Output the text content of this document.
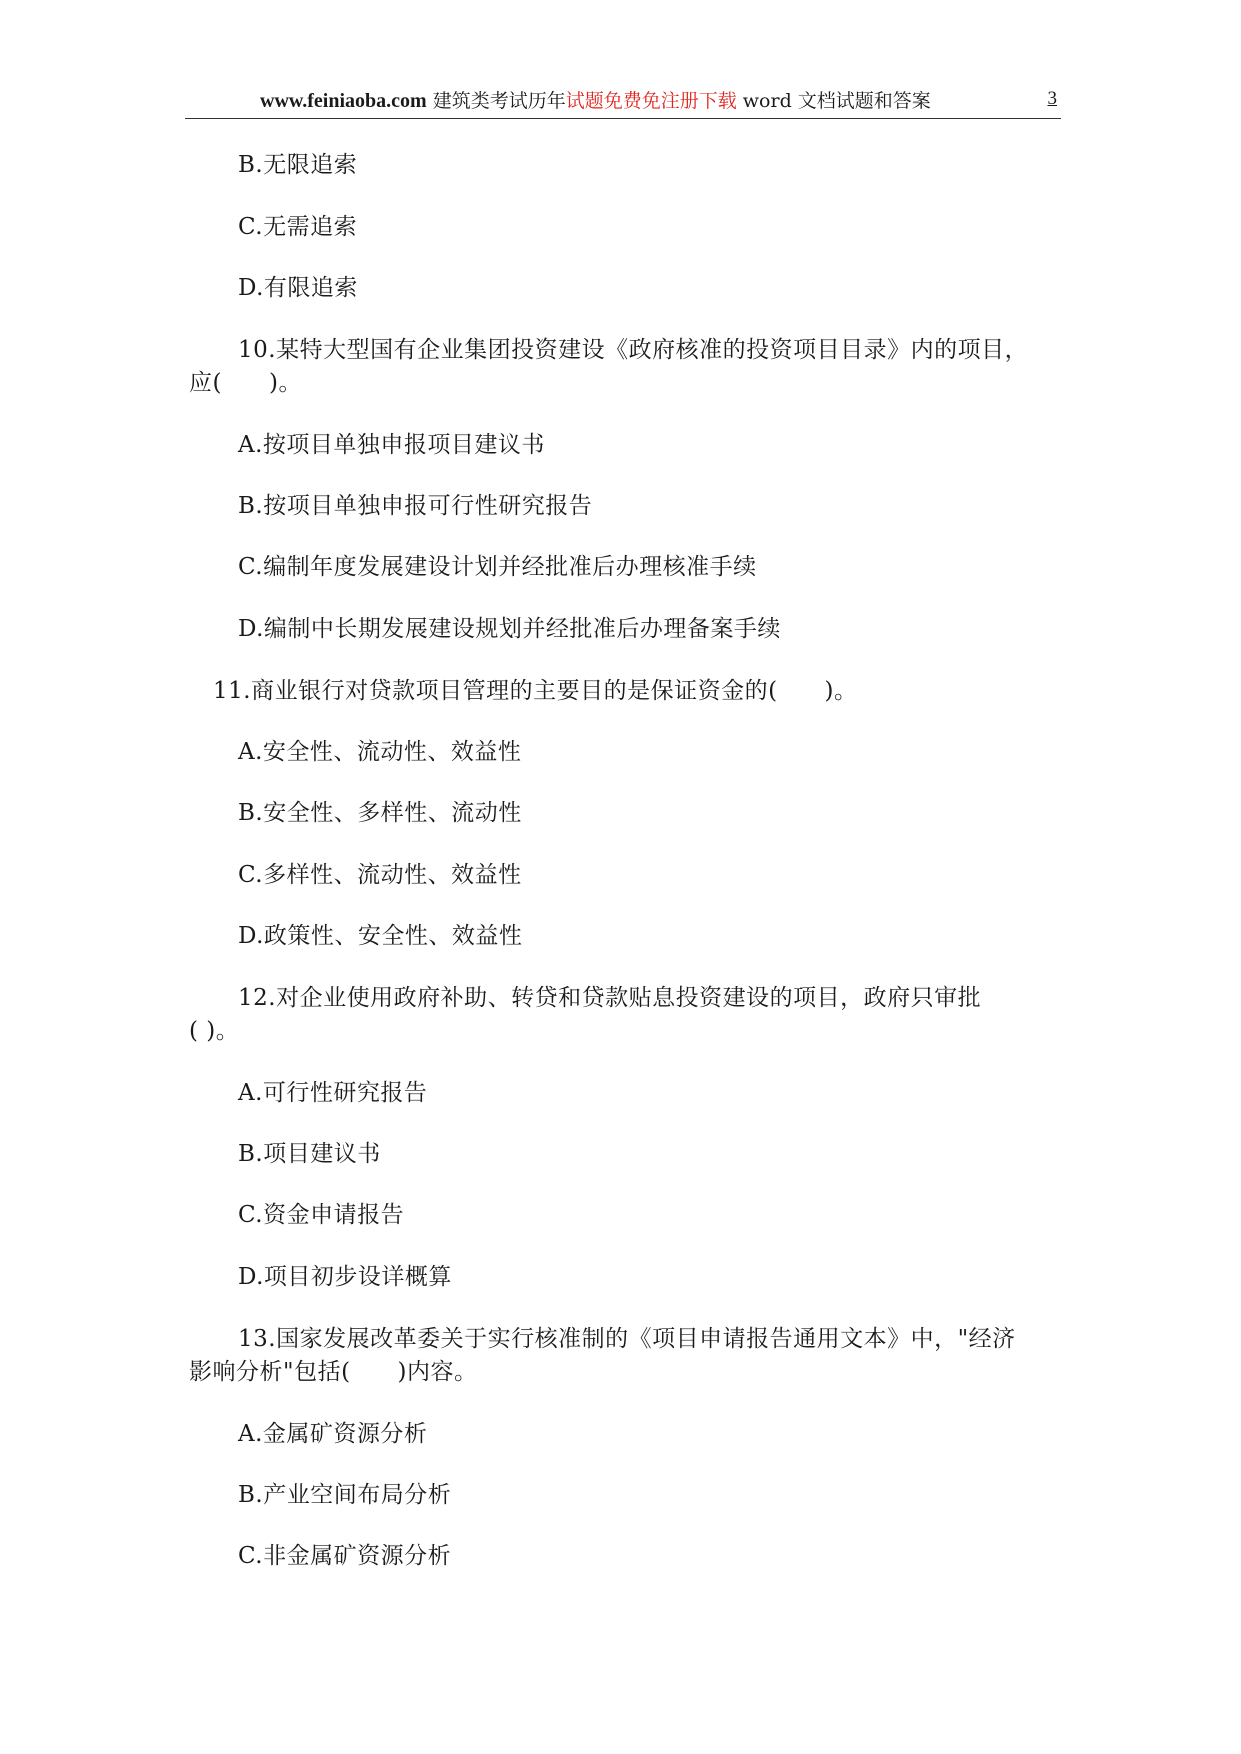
www.feiniaoba.com 建筑类考试历年试题免费免注册下载 word 文档试题和答案	3
B.无限追索
C.无需追索
D.有限追索
10.某特大型国有企业集团投资建设《政府核准的投资项目目录》内的项目，
应(　　)。
A.按项目单独申报项目建议书
B.按项目单独申报可行性研究报告
C.编制年度发展建设计划并经批准后办理核准手续
D.编制中长期发展建设规划并经批准后办理备案手续
11.商业银行对贷款项目管理的主要目的是保证资金的(　　)。
A.安全性、流动性、效益性
B.安全性、多样性、流动性
C.多样性、流动性、效益性
D.政策性、安全性、效益性
12.对企业使用政府补助、转贷和贷款贴息投资建设的项目，政府只审批
( )。
A.可行性研究报告
B.项目建议书
C.资金申请报告
D.项目初步设详概算
13.国家发展改革委关于实行核准制的《项目申请报告通用文本》中，"经济
影响分析"包括(　　)内容。
A.金属矿资源分析
B.产业空间布局分析
C.非金属矿资源分析
